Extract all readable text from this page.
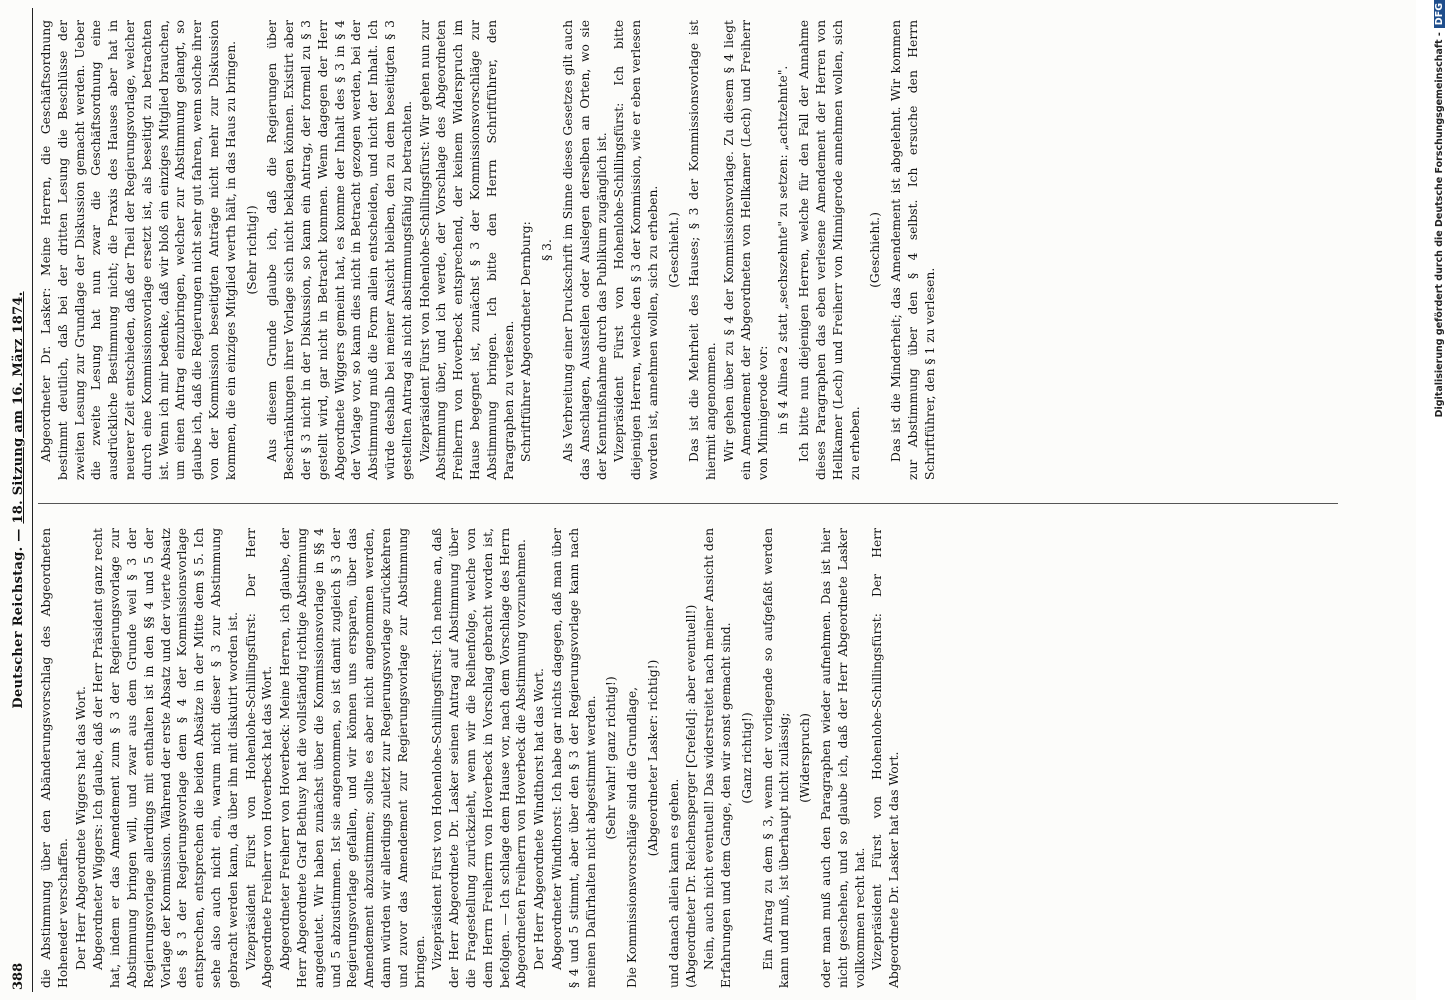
388
Deutscher Reichstag. — 18. Sitzung am 16. März 1874.

die Abstimmung über den Abänderungsvorschlag des Abgeordneten Hoheneder verschaffen. Der Herr Abgeordnete Wiggers hat das Wort. Abgeordneter Wiggers: Ich glaube, daß der Herr Präsident ganz recht hat, indem er das Amendement zum § 3 der Regierungsvorlage zur Abstimmung bringen will, und zwar aus dem Grunde weil § 3 der Regierungsvorlage allerdings mit enthalten ist in den §§ 4 und 5 der Vorlage der Kommission. Während der erste Absatz und der vierte Absatz des § 3 der Regierungsvorlage dem § 4 der Kommissionsvorlage entsprechen, entsprechen die beiden Absätze in der Mitte dem § 5. Ich sehe also auch nicht ein, warum nicht dieser § 3 zur Abstimmung gebracht werden kann, da über ihn mit diskutirt worden ist. Vizepräsident Fürst von Hohenlohe-Schillingsfürst: Der Herr Abgeordnete Freiherr von Hoverbeck hat das Wort. Abgeordneter Freiherr von Hoverbeck: Meine Herren, ich glaube, der Herr Abgeordnete Graf Bethusy hat die vollständig richtige Abstimmung angedeutet. Wir haben zunächst über die Kommissionsvorlage in §§ 4 und 5 abzustimmen. Ist sie angenommen, so ist damit zugleich § 3 der Regierungsvorlage gefallen, und wir können uns ersparen, über das Amendement abzustimmen; sollte es aber nicht angenommen werden, dann würden wir allerdings zuletzt zur Regierungsvorlage zurückkehren und zuvor das Amendement zur Regierungsvorlage zur Abstimmung bringen. Vizepräsident Fürst von Hohenlohe-Schillingsfürst: Ich nehme an, daß der Herr Abgeordnete Dr. Lasker seinen Antrag auf Abstimmung über die Fragestellung zurückzieht, wenn wir die Reihenfolge, welche von dem Herrn Freiherrn von Hoverbeck in Vorschlag gebracht worden ist, befolgen. — Ich schlage dem Hause vor, nach dem Vorschlage des Herrn Abgeordneten Freiherrn von Hoverbeck die Abstimmung vorzunehmen. Der Herr Abgeordnete Windthorst hat das Wort. Abgeordneter Windthorst: Ich habe gar nichts dagegen, daß man über § 4 und 5 stimmt, aber über den § 3 der Regierungsvorlage kann nach meinen Dafürhalten nicht abgestimmt werden. (Sehr wahr! ganz richtig!) Die Kommissionsvorschläge sind die Grundlage, (Abgeordneter Lasker: richtig!)

und danach allein kann es gehen. (Abgeordneter Dr. Reichensperger [Crefeld]: aber eventuell!) Nein, auch nicht eventuell! Das widerstreitet nach meiner Ansicht den Erfahrungen und dem Gange, den wir sonst gemacht sind. (Ganz richtig!) Ein Antrag zu dem § 3, wenn der vorliegende so aufgefaßt werden kann und muß, ist überhaupt nicht zulässig; (Widerspruch) oder man muß auch den Paragraphen wieder aufnehmen. Das ist hier nicht geschehen, und so glaube ich, daß der Herr Abgeordnete Lasker vollkommen recht hat. Vizepräsident Fürst von Hohenlohe-Schillingsfürst: Der Herr Abgeordnete Dr. Lasker hat das Wort.

Abgeordneter Dr. Lasker: Meine Herren, die Geschäftsordnung bestimmt deutlich, daß bei der dritten Lesung die Beschlüsse der zweiten Lesung zur Grundlage der Diskussion gemacht werden. Ueber die zweite Lesung hat nun zwar die Geschäftsordnung eine ausdrückliche Bestimmung nicht; die Praxis des Hauses aber hat in neuerer Zeit entschieden, daß der Theil der Regierungsvorlage, welcher durch eine Kommissionsvorlage ersetzt ist, als beseitigt zu betrachten ist. Wenn ich mir bedenke, daß wir bloß ein einziges Mitglied brauchen, um einen Antrag einzubringen, welcher zur Abstimmung gelangt, so glaube ich, daß die Regierungen nicht sehr gut fahren, wenn solche ihrer von der Kommission beseitigten Anträge nicht mehr zur Diskussion kommen, die ein einziges Mitglied werth hält, in das Haus zu bringen. (Sehr richtig!) Aus diesem Grunde glaube ich, daß die Regierungen über Beschränkungen ihrer Vorlage sich nicht beklagen können. Existirt aber der § 3 nicht in der Diskussion, so kann ein Antrag, der formell zu § 3 gestellt wird, gar nicht in Betracht kommen. Wenn dagegen der Herr Abgeordnete Wiggers gemeint hat, es komme der Inhalt des § 3 in § 4 der Vorlage vor, so kann dies nicht in Betracht gezogen werden, bei der Abstimmung muß die Form allein entscheiden, und nicht der Inhalt. Ich würde deshalb bei meiner Ansicht bleiben, den zu dem beseitigten § 3 gestellten Antrag als nicht abstimmungsfähig zu betrachten. Vizepräsident Fürst von Hohenlohe-Schillingsfürst: Wir gehen nun zur Abstimmung über, und ich werde, der Vorschlage des Abgeordneten Freiherrn von Hoverbeck entsprechend, der keinem Widerspruch im Hause begegnet ist, zunächst § 3 der Kommissionsvorschläge zur Abstimmung bringen. Ich bitte den Herrn Schriftführer, den Paragraphen zu verlesen. Schriftführer Abgeordneter Dernburg: § 3. Als Verbreitung einer Druckschrift im Sinne dieses Gesetzes gilt auch das Anschlagen, Ausstellen oder Auslegen derselben an Orten, wo sie der Kenntnißnahme durch das Publikum zugänglich ist. Vizepräsident Fürst von Hohenlohe-Schillingsfürst: Ich bitte diejenigen Herren, welche den § 3 der Kommission, wie er eben verlesen worden ist, annehmen wollen, sich zu erheben. (Geschieht.) Das ist die Mehrheit des Hauses; § 3 der Kommissionsvorlage ist hiermit angenommen. Wir gehen über zu § 4 der Kommissionsvorlage. Zu diesem § 4 liegt ein Amendement der Abgeordneten von Hellkamer (Lech) und Freiherr von Minnigerode vor: in § 4 Alinea 2 statt „sechszehnte" zu setzen: „achtzehnte". Ich bitte nun diejenigen Herren, welche für den Fall der Annahme dieses Paragraphen das eben verlesene Amendement der Herren von Hellkamer (Lech) und Freiherr von Minnigerode annehmen wollen, sich zu erheben.

(Geschieht.) Das ist die Minderheit; das Amendement ist abgelehnt. Wir kommen zur Abstimmung über den § 4 selbst. Ich ersuche den Herrn Schriftführer, den § 1 zu verlesen.	Digitalisierung gefördert durch die Deutsche Forschungsgemeinschaft -DFG
